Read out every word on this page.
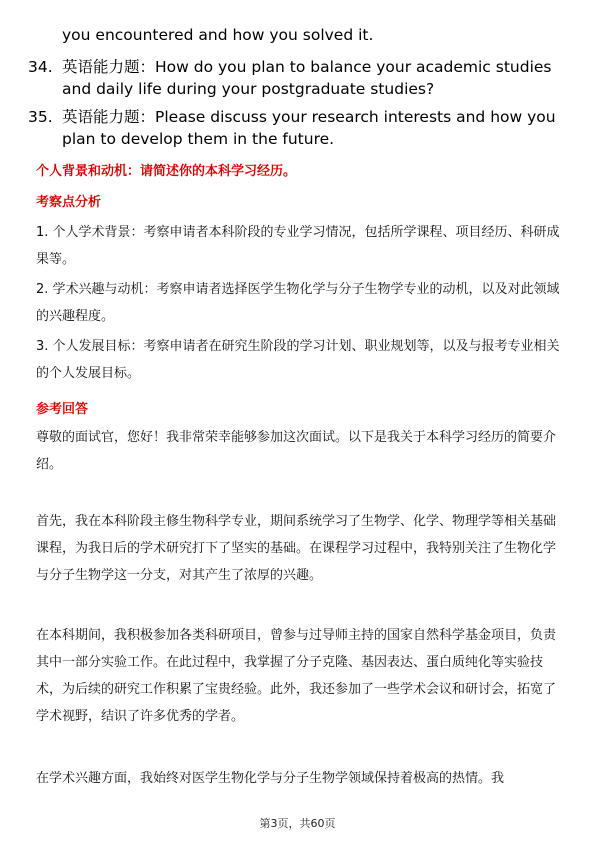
you encountered and how you solved it.
34. 英语能力题：How do you plan to balance your academic studies and daily life during your postgraduate studies?
35. 英语能力题：Please discuss your research interests and how you plan to develop them in the future.
个人背景和动机：请简述你的本科学习经历。
考察点分析
1. 个人学术背景：考察申请者本科阶段的专业学习情况，包括所学课程、项目经历、科研成果等。
2. 学术兴趣与动机：考察申请者选择医学生物化学与分子生物学专业的动机，以及对此领域的兴趣程度。
3. 个人发展目标：考察申请者在研究生阶段的学习计划、职业规划等，以及与报考专业相关的个人发展目标。
参考回答
尊敬的面试官，您好！我非常荣幸能够参加这次面试。以下是我关于本科学习经历的简要介绍。
首先，我在本科阶段主修生物科学专业，期间系统学习了生物学、化学、物理学等相关基础课程，为我日后的学术研究打下了坚实的基础。在课程学习过程中，我特别关注了生物化学与分子生物学这一分支，对其产生了浓厚的兴趣。
在本科期间，我积极参加各类科研项目，曾参与过导师主持的国家自然科学基金项目，负责其中一部分实验工作。在此过程中，我掌握了分子克隆、基因表达、蛋白质纯化等实验技术，为后续的研究工作积累了宝贵经验。此外，我还参加了一些学术会议和研讨会，拓宽了学术视野，结识了许多优秀的学者。
在学术兴趣方面，我始终对医学生物化学与分子生物学领域保持着极高的热情。我
第3页，共60页
